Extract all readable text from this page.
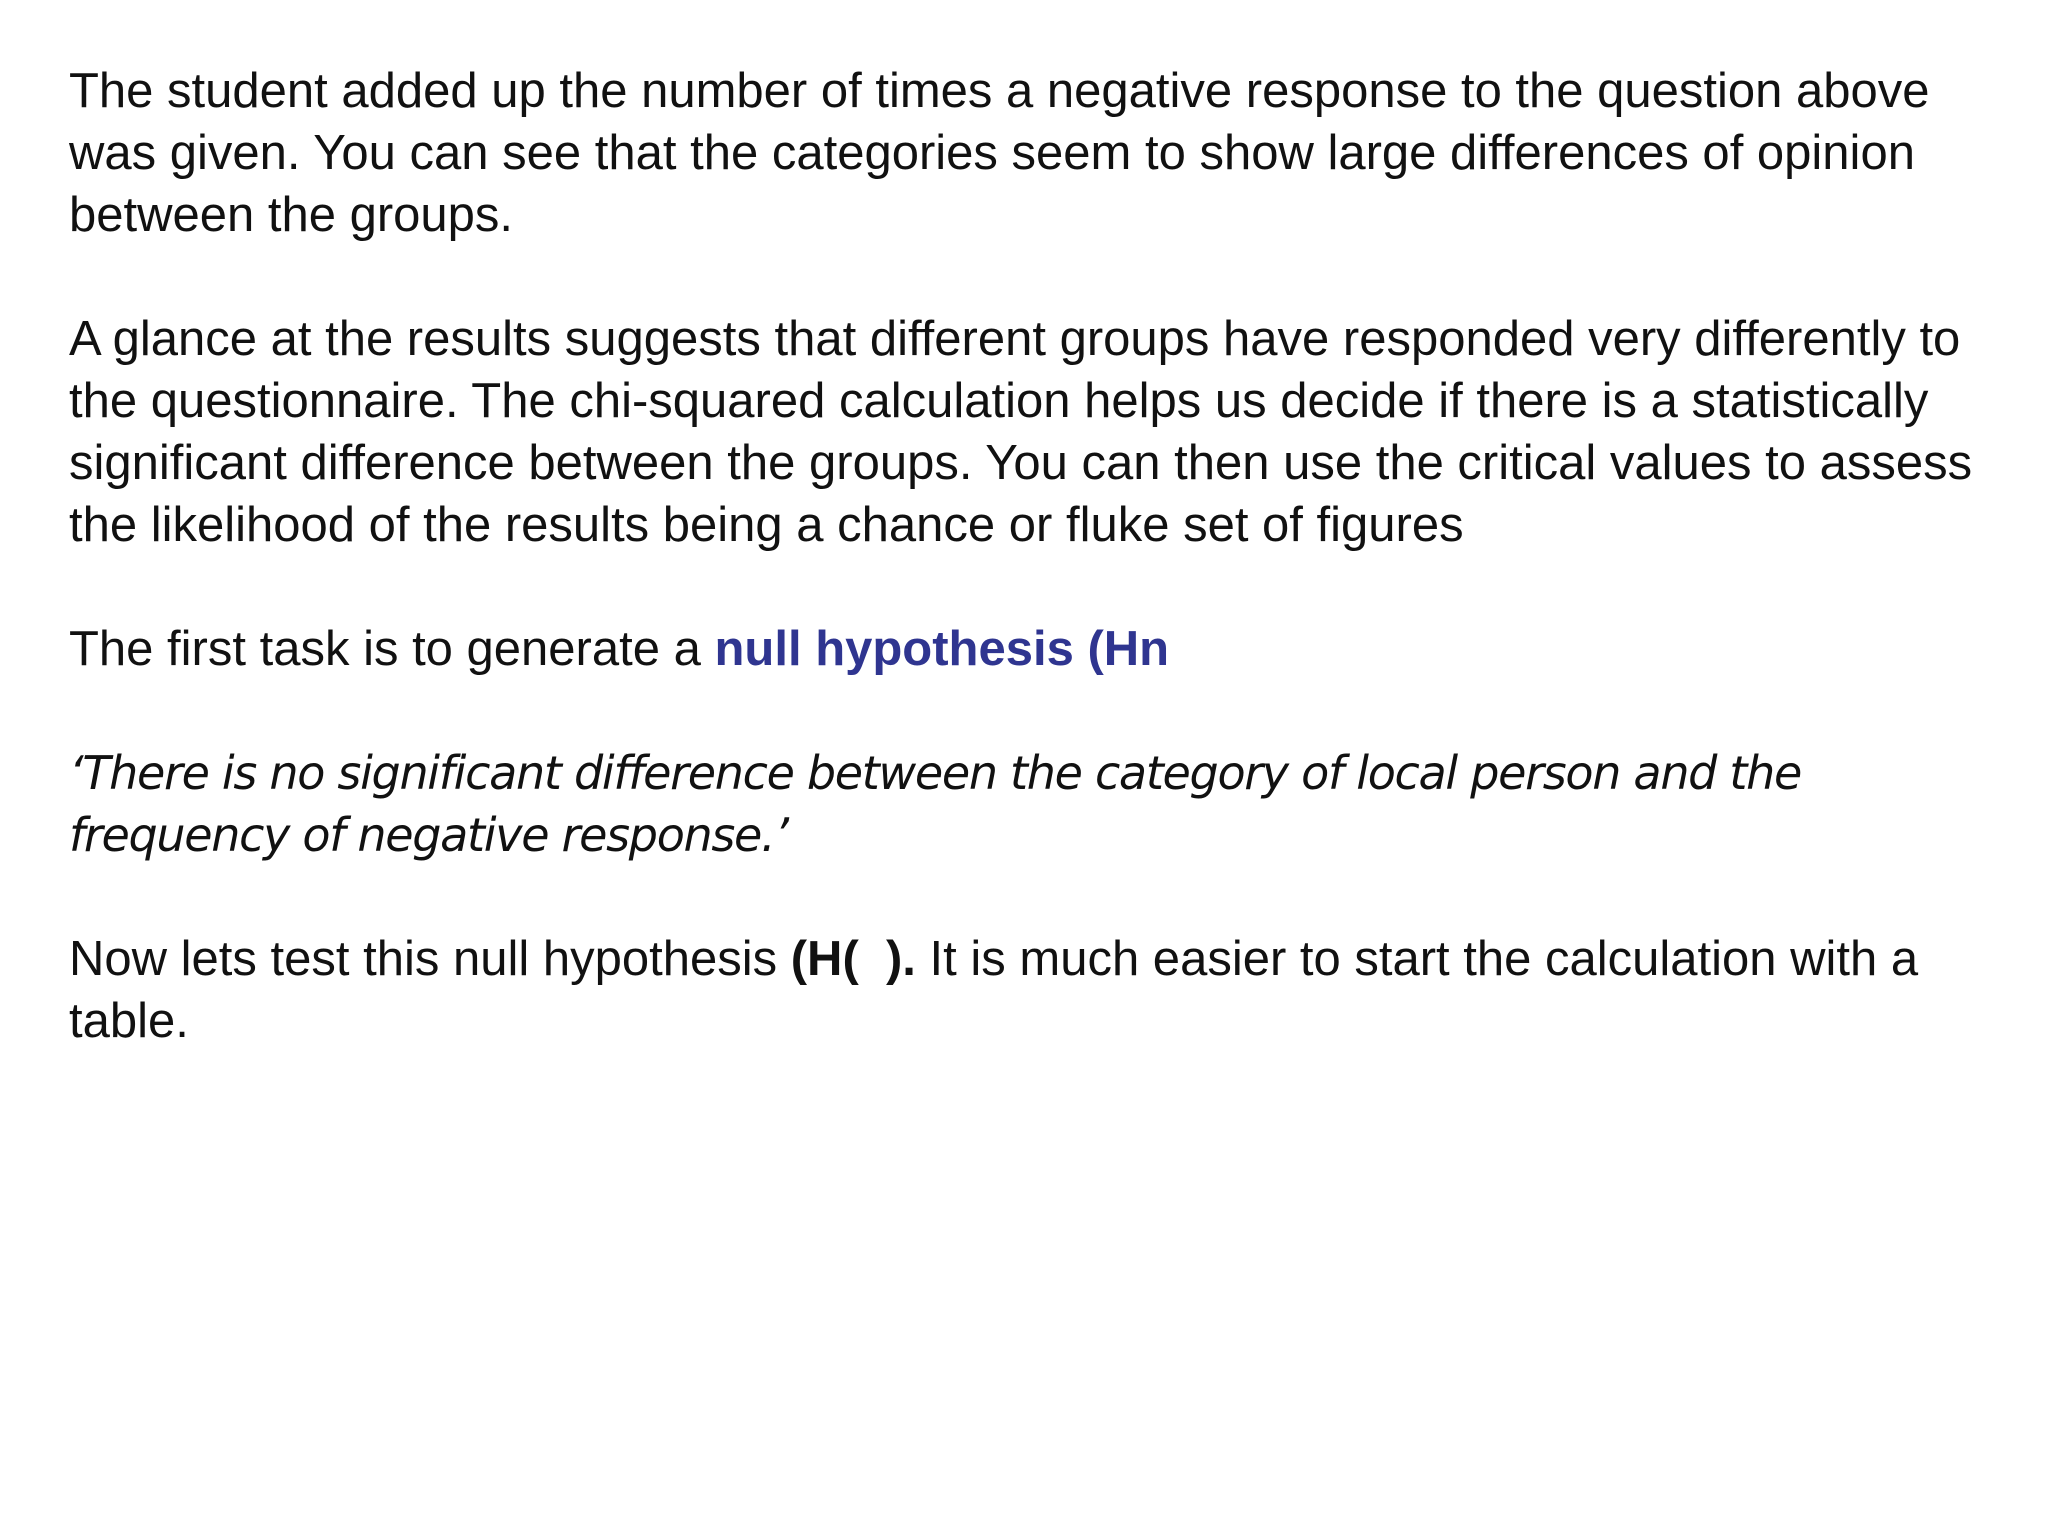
The student added up the number of times a negative response to the question above was given. You can see that the categories seem to show large differences of opinion between the groups.

A glance at the results suggests that different groups have responded very differently to the questionnaire. The chi-squared calculation helps us decide if there is a statistically significant difference between the groups. You can then use the critical values to assess the likelihood of the results being a chance or fluke set of figures

The first task is to generate a null hypothesis (Hn

‘There is no significant difference between the category of local person and the frequency of negative response.’

Now lets test this null hypothesis (H(  ). It is much easier to start the calculation with a table.
